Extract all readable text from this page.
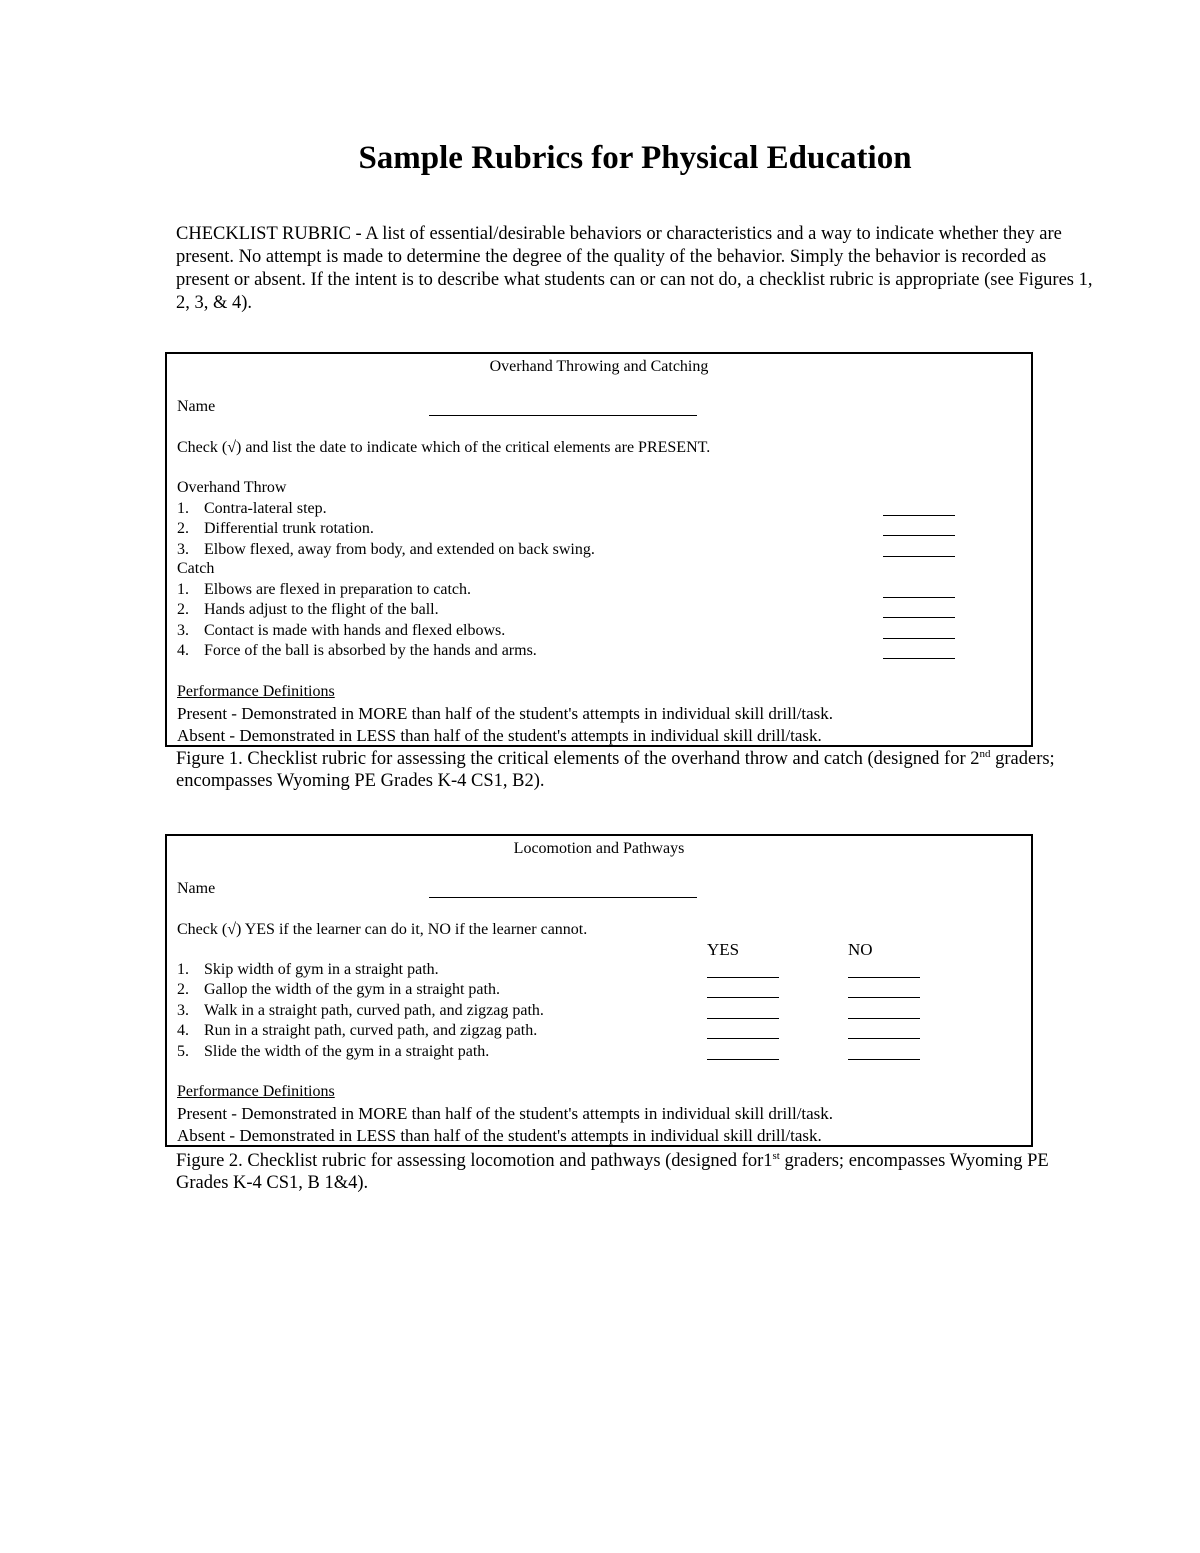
Sample Rubrics for Physical Education

CHECKLIST RUBRIC - A list of essential/desirable behaviors or characteristics and a way to indicate whether they are present. No attempt is made to determine the degree of the quality of the behavior. Simply the behavior is recorded as present or absent. If the intent is to describe what students can or can not do, a checklist rubric is appropriate (see Figures 1, 2, 3, & 4).

Overhand Throwing and Catching
Name
Check (√) and list the date to indicate which of the critical elements are PRESENT.
Overhand Throw
1. Contra-lateral step.
2. Differential trunk rotation.
3. Elbow flexed, away from body, and extended on back swing.
Catch
1. Elbows are flexed in preparation to catch.
2. Hands adjust to the flight of the ball.
3. Contact is made with hands and flexed elbows.
4. Force of the ball is absorbed by the hands and arms.
Performance Definitions
Present - Demonstrated in MORE than half of the student's attempts in individual skill drill/task.
Absent - Demonstrated in LESS than half of the student's attempts in individual skill drill/task.

Figure 1. Checklist rubric for assessing the critical elements of the overhand throw and catch (designed for 2nd graders; encompasses Wyoming PE Grades K-4 CS1, B2).

Locomotion and Pathways
Name
Check (√) YES if the learner can do it, NO if the learner cannot.
YES	NO
1. Skip width of gym in a straight path.
2. Gallop the width of the gym in a straight path.
3. Walk in a straight path, curved path, and zigzag path.
4. Run in a straight path, curved path, and zigzag path.
5. Slide the width of the gym in a straight path.
Performance Definitions
Present - Demonstrated in MORE than half of the student's attempts in individual skill drill/task.
Absent - Demonstrated in LESS than half of the student's attempts in individual skill drill/task.

Figure 2. Checklist rubric for assessing locomotion and pathways (designed for1st graders; encompasses Wyoming PE Grades K-4 CS1, B 1&4).
